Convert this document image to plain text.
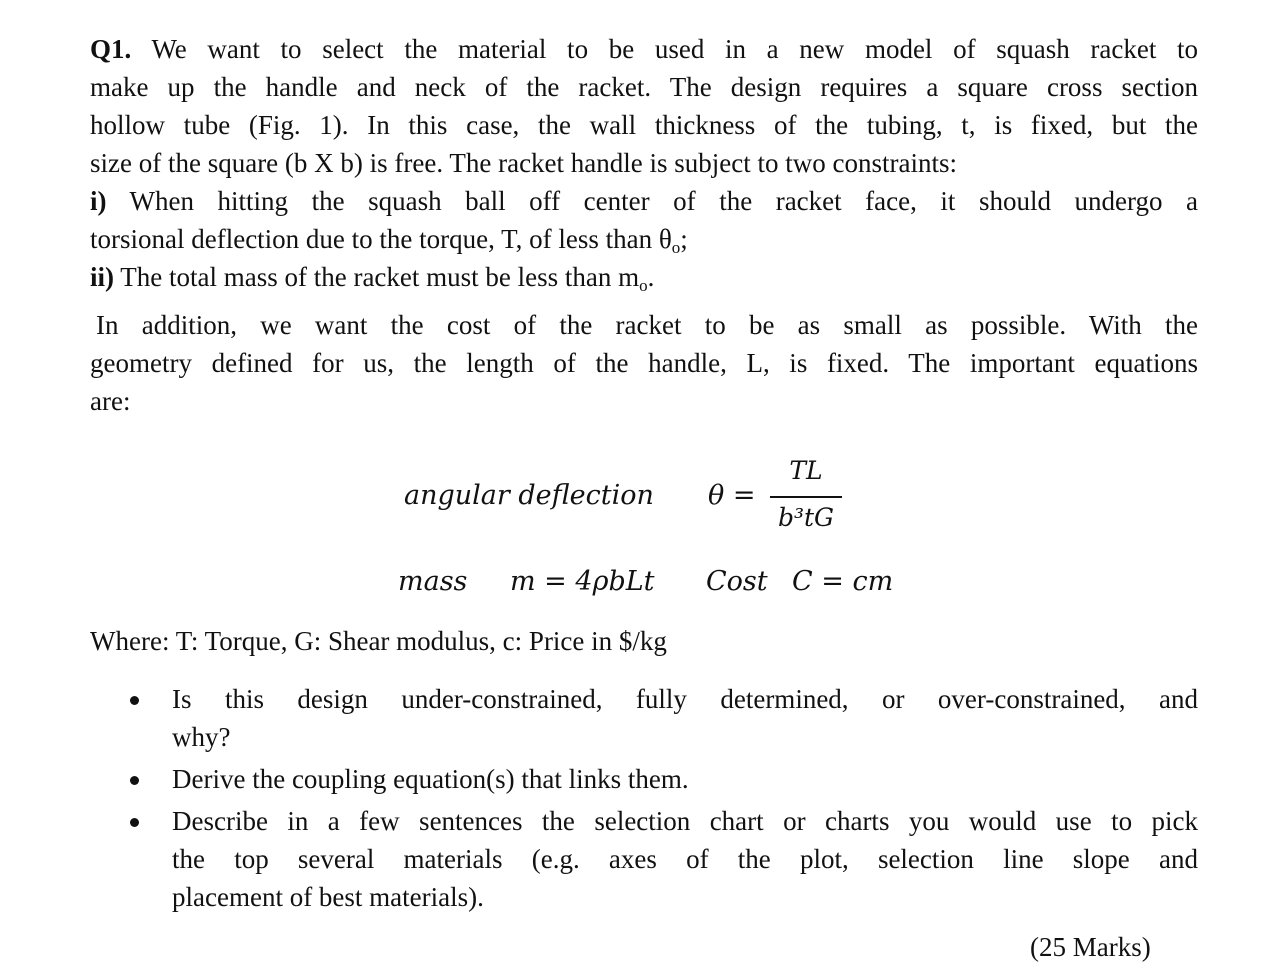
Q1. We want to select the material to be used in a new model of squash racket to
make up the handle and neck of the racket. The design requires a square cross section
hollow tube (Fig. 1). In this case, the wall thickness of the tubing, t, is fixed, but the
size of the square (b X b) is free. The racket handle is subject to two constraints:
i) When hitting the squash ball off center of the racket face, it should undergo a
torsional deflection due to the torque, T, of less than θo;
ii) The total mass of the racket must be less than mo.
In addition, we want the cost of the racket to be as small as possible. With the
geometry defined for us, the length of the handle, L, is fixed. The important equations
are:
angular deflection θ =
TL
b³tG
mass m = 4ρbLt Cost C = cm
Where: T: Torque, G: Shear modulus, c: Price in $/kg
Is this design under-constrained, fully determined, or over-constrained, and
why?
Derive the coupling equation(s) that links them.
Describe in a few sentences the selection chart or charts you would use to pick
the top several materials (e.g. axes of the plot, selection line slope and
placement of best materials).
(25 Marks)
